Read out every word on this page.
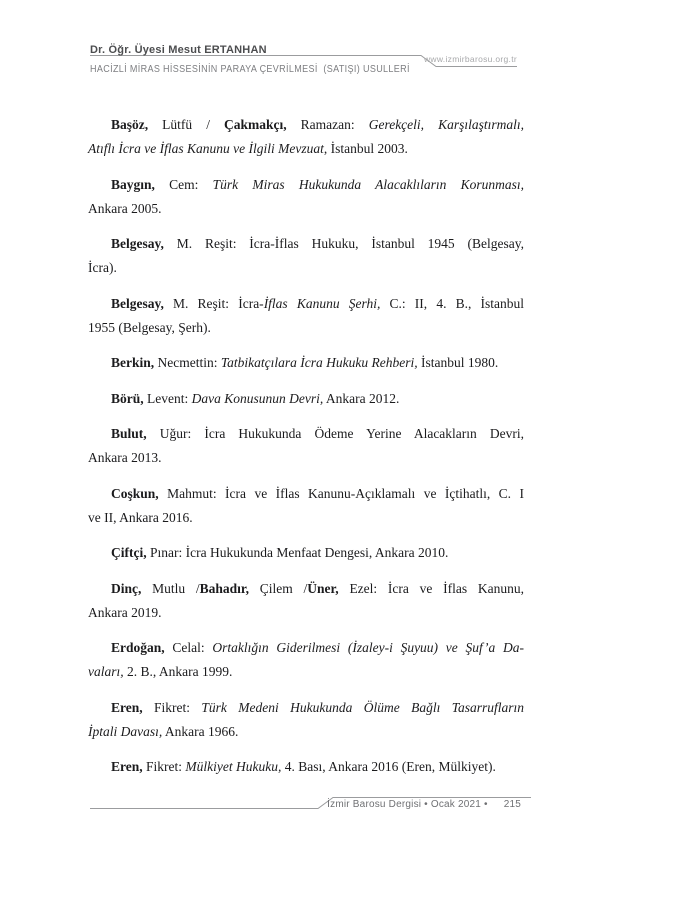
Dr. Öğr. Üyesi Mesut ERTANHAN
www.izmirbarosu.org.tr
HACİZLİ MİRAS HİSSESİNİN PARAYA ÇEVRİLMESİ  (SATIŞI) USULLERİ
Başöz, Lütfü / Çakmakçı, Ramazan: Gerekçeli, Karşılaştırmalı,
Atıflı İcra ve İflas Kanunu ve İlgili Mevzuat, İstanbul 2003.
Baygın, Cem: Türk Miras Hukukunda Alacaklıların Korunması,
Ankara 2005.
Belgesay, M. Reşit: İcra-İflas Hukuku, İstanbul 1945 (Belgesay,
İcra).
Belgesay, M. Reşit: İcra-İflas Kanunu Şerhi, C.: II, 4. B., İstanbul
1955 (Belgesay, Şerh).
Berkin, Necmettin: Tatbikatçılara İcra Hukuku Rehberi, İstanbul 1980.
Börü, Levent: Dava Konusunun Devri, Ankara 2012.
Bulut, Uğur: İcra Hukukunda Ödeme Yerine Alacakların Devri,
Ankara 2013.
Coşkun, Mahmut: İcra ve İflas Kanunu-Açıklamalı ve İçtihatlı, C. I
ve II, Ankara 2016.
Çiftçi, Pınar: İcra Hukukunda Menfaat Dengesi, Ankara 2010.
Dinç, Mutlu /Bahadır, Çilem /Üner, Ezel: İcra ve İflas Kanunu,
Ankara 2019.
Erdoğan, Celal: Ortaklığın Giderilmesi (İzaley-i Şuyuu) ve Şuf’a Da-
vaları, 2. B., Ankara 1999.
Eren, Fikret: Türk Medeni Hukukunda Ölüme Bağlı Tasarrufların
İptali Davası, Ankara 1966.
Eren, Fikret: Mülkiyet Hukuku, 4. Bası, Ankara 2016 (Eren, Mülkiyet).
İzmir Barosu Dergisi • Ocak 2021 • 215
